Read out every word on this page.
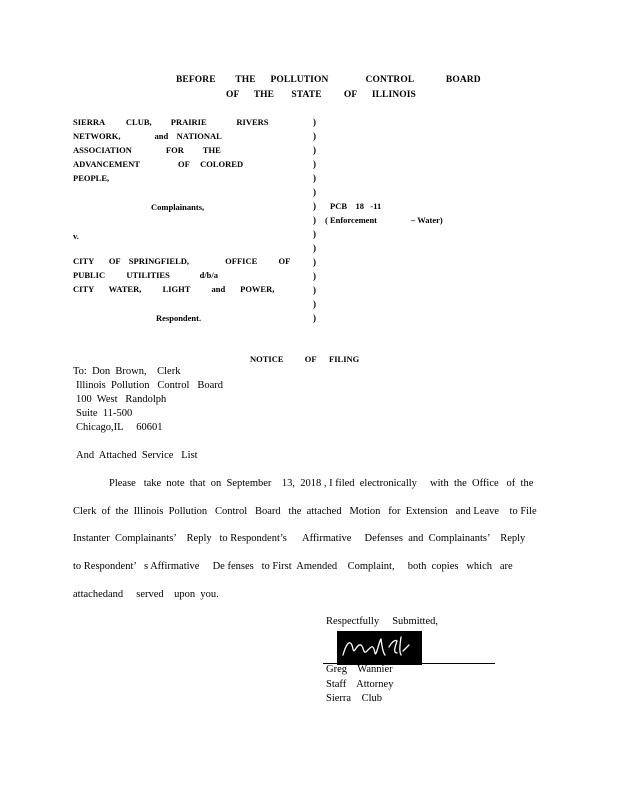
BEFORE        THE      POLLUTION               CONTROL             BOARD
OF      THE       STATE         OF      ILLINOIS
SIERRA          CLUB,         PRAIRIE              RIVERS
NETWORK,                and    NATIONAL
ASSOCIATION                FOR         THE
ADVANCEMENT                  OF     COLORED
PEOPLE,
Complainants,
v.
CITY       OF    SPRINGFIELD,                 OFFICE          OF
PUBLIC          UTILITIES              d/b/a
CITY       WATER,          LIGHT          and       POWER,
Respondent.
)
)
)
)
)
)
)
)
)
)
)
)
)
)
)
PCB    18   -11
( Enforcement                – Water)
NOTICE          OF      FILING
To:  Don  Brown,    Clerk
Illinois  Pollution   Control   Board
100  West   Randolph
Suite  11-500
Chicago,IL     60601
And  Attached  Service   List
Please   take  note  that  on  September    13,  2018 , I filed  electronically     with  the  Office   of  the
Clerk  of  the  Illinois  Pollution   Control   Board   the  attached   Motion   for  Extension   and Leave    to File
Instanter  Complainants’    Reply   to Respondent’s      Affirmative     Defenses  and  Complainants’    Reply
to Respondent’   s Affirmative     De fenses   to First  Amended    Complaint,     both  copies   which   are
attachedand     served    upon  you.
Respectfully     Submitted,
Greg    Wannier
Staff    Attorney
Sierra    Club
